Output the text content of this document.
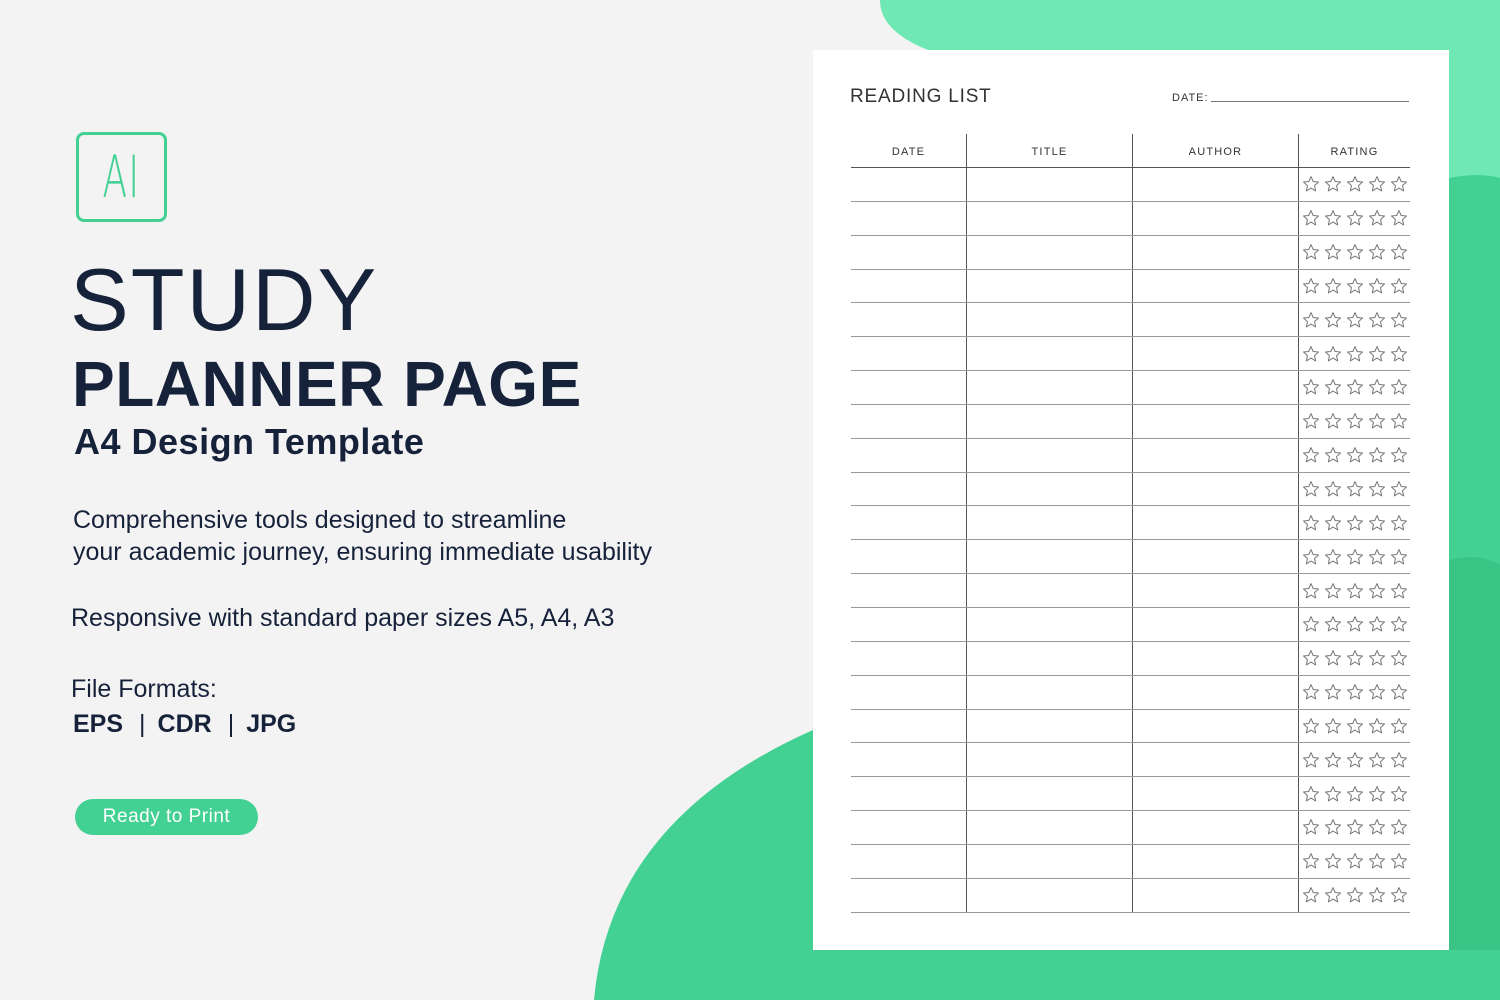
AI
STUDY
PLANNER PAGE
A4 Design Template
Comprehensive tools designed to streamline
your academic journey, ensuring immediate usability
Responsive with standard paper sizes A5, A4, A3
File Formats:
EPS | CDR | JPG
Ready to Print
READING LIST	DATE:
DATE	TITLE	AUTHOR	RATING
